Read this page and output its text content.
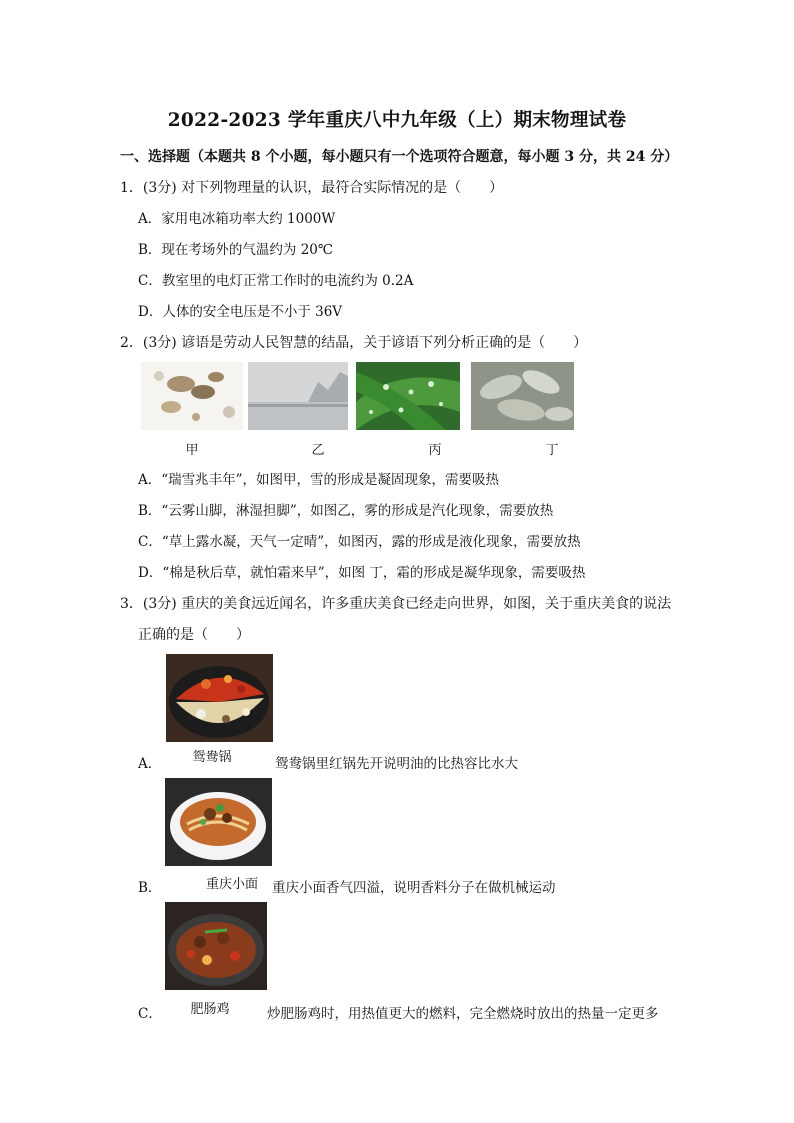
2022-2023 学年重庆八中九年级（上）期末物理试卷
一、选择题（本题共 8 个小题，每小题只有一个选项符合题意，每小题 3 分，共 24 分）
1．(3分) 对下列物理量的认识，最符合实际情况的是（　　）
A．家用电冰箱功率大约 1000W
B．现在考场外的气温约为 20℃
C．教室里的电灯正常工作时的电流约为 0.2A
D．人体的安全电压是不小于 36V
2．(3分) 谚语是劳动人民智慧的结晶，关于谚语下列分析正确的是（　　）
甲	乙	丙	丁
A．“瑞雪兆丰年”，如图甲，雪的形成是凝固现象，需要吸热
B．“云雾山脚，淋湿担脚”，如图乙，雾的形成是汽化现象，需要放热
C．“草上露水凝，天气一定晴”，如图丙，露的形成是液化现象，需要放热
D．“棉是秋后草，就怕霜来早”，如图 丁，霜的形成是凝华现象，需要吸热
3．(3分) 重庆的美食远近闻名，许多重庆美食已经走向世界，如图，关于重庆美食的说法
正确的是（　　）
鸳鸯锅
A．	鸳鸯锅里红锅先开说明油的比热容比水大
重庆小面
B．	重庆小面香气四溢，说明香料分子在做机械运动
肥肠鸡
C．	炒肥肠鸡时，用热值更大的燃料，完全燃烧时放出的热量一定更多
